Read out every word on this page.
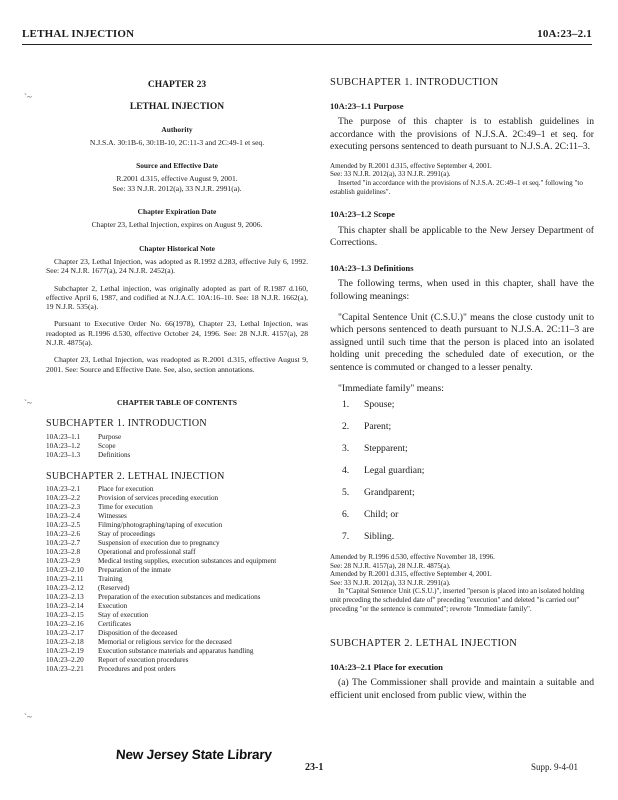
LETHAL INJECTION	10A:23–2.1
ˋ~
ˋ~
ˋ~
CHAPTER 23
LETHAL INJECTION
Authority
N.J.S.A. 30:1B-6, 30:1B-10, 2C:11-3 and 2C:49-1 et seq.
Source and Effective Date
R.2001 d.315, effective August 9, 2001.
See: 33 N.J.R. 2012(a), 33 N.J.R. 2991(a).
Chapter Expiration Date
Chapter 23, Lethal Injection, expires on August 9, 2006.
Chapter Historical Note
Chapter 23, Lethal Injection, was adopted as R.1992 d.283, effective July 6, 1992. See: 24 N.J.R. 1677(a), 24 N.J.R. 2452(a).
Subchapter 2, Lethal injection, was originally adopted as part of R.1987 d.160, effective April 6, 1987, and codified at N.J.A.C. 10A:16–10. See: 18 N.J.R. 1662(a), 19 N.J.R. 535(a).
Pursuant to Executive Order No. 66(1978), Chapter 23, Lethal Injection, was readopted as R.1996 d.530, effective October 24, 1996. See: 28 N.J.R. 4157(a), 28 N.J.R. 4875(a).
Chapter 23, Lethal Injection, was readopted as R.2001 d.315, effective August 9, 2001. See: Source and Effective Date. See, also, section annotations.
CHAPTER TABLE OF CONTENTS
SUBCHAPTER 1. INTRODUCTION
10A:23–1.1	Purpose
10A:23–1.2	Scope
10A:23–1.3	Definitions
SUBCHAPTER 2. LETHAL INJECTION
10A:23–2.1	Place for execution
10A:23–2.2	Provision of services preceding execution
10A:23–2.3	Time for execution
10A:23–2.4	Witnesses
10A:23–2.5	Filming/photographing/taping of execution
10A:23–2.6	Stay of proceedings
10A:23–2.7	Suspension of execution due to pregnancy
10A:23–2.8	Operational and professional staff
10A:23–2.9	Medical testing supplies, execution substances and equipment
10A:23–2.10	Preparation of the inmate
10A:23–2.11	Training
10A:23–2.12	(Reserved)
10A:23–2.13	Preparation of the execution substances and medications
10A:23–2.14	Execution
10A:23–2.15	Stay of execution
10A:23–2.16	Certificates
10A:23–2.17	Disposition of the deceased
10A:23–2.18	Memorial or religious service for the deceased
10A:23–2.19	Execution substance materials and apparatus handling
10A:23–2.20	Report of execution procedures
10A:23–2.21	Procedures and post orders
SUBCHAPTER 1. INTRODUCTION
10A:23–1.1 Purpose
The purpose of this chapter is to establish guidelines in accordance with the provisions of N.J.S.A. 2C:49–1 et seq. for executing persons sentenced to death pursuant to N.J.S.A. 2C:11–3.
Amended by R.2001 d.315, effective September 4, 2001.
See: 33 N.J.R. 2012(a), 33 N.J.R. 2991(a).
Inserted "in accordance with the provisions of N.J.S.A. 2C:49–1 et seq." following "to establish guidelines".
10A:23–1.2 Scope
This chapter shall be applicable to the New Jersey Department of Corrections.
10A:23–1.3 Definitions
The following terms, when used in this chapter, shall have the following meanings:
"Capital Sentence Unit (C.S.U.)" means the close custody unit to which persons sentenced to death pursuant to N.J.S.A. 2C:11–3 are assigned until such time that the person is placed into an isolated holding unit preceding the scheduled date of execution, or the sentence is commuted or changed to a lesser penalty.
"Immediate family" means:
1.	Spouse;
2.	Parent;
3.	Stepparent;
4.	Legal guardian;
5.	Grandparent;
6.	Child; or
7.	Sibling.
Amended by R.1996 d.530, effective November 18, 1996.
See: 28 N.J.R. 4157(a), 28 N.J.R. 4875(a).
Amended by R.2001 d.315, effective September 4, 2001.
See: 33 N.J.R. 2012(a), 33 N.J.R. 2991(a).
In "Capital Sentence Unit (C.S.U.)", inserted "person is placed into an isolated holding unit preceding the scheduled date of" preceding "execution" and deleted "is carried out" preceding "or the sentence is commuted"; rewrote "Immediate family".
SUBCHAPTER 2. LETHAL INJECTION
10A:23–2.1 Place for execution
(a) The Commissioner shall provide and maintain a suitable and efficient unit enclosed from public view, within the
New Jersey State Library
23-1	Supp. 9-4-01
